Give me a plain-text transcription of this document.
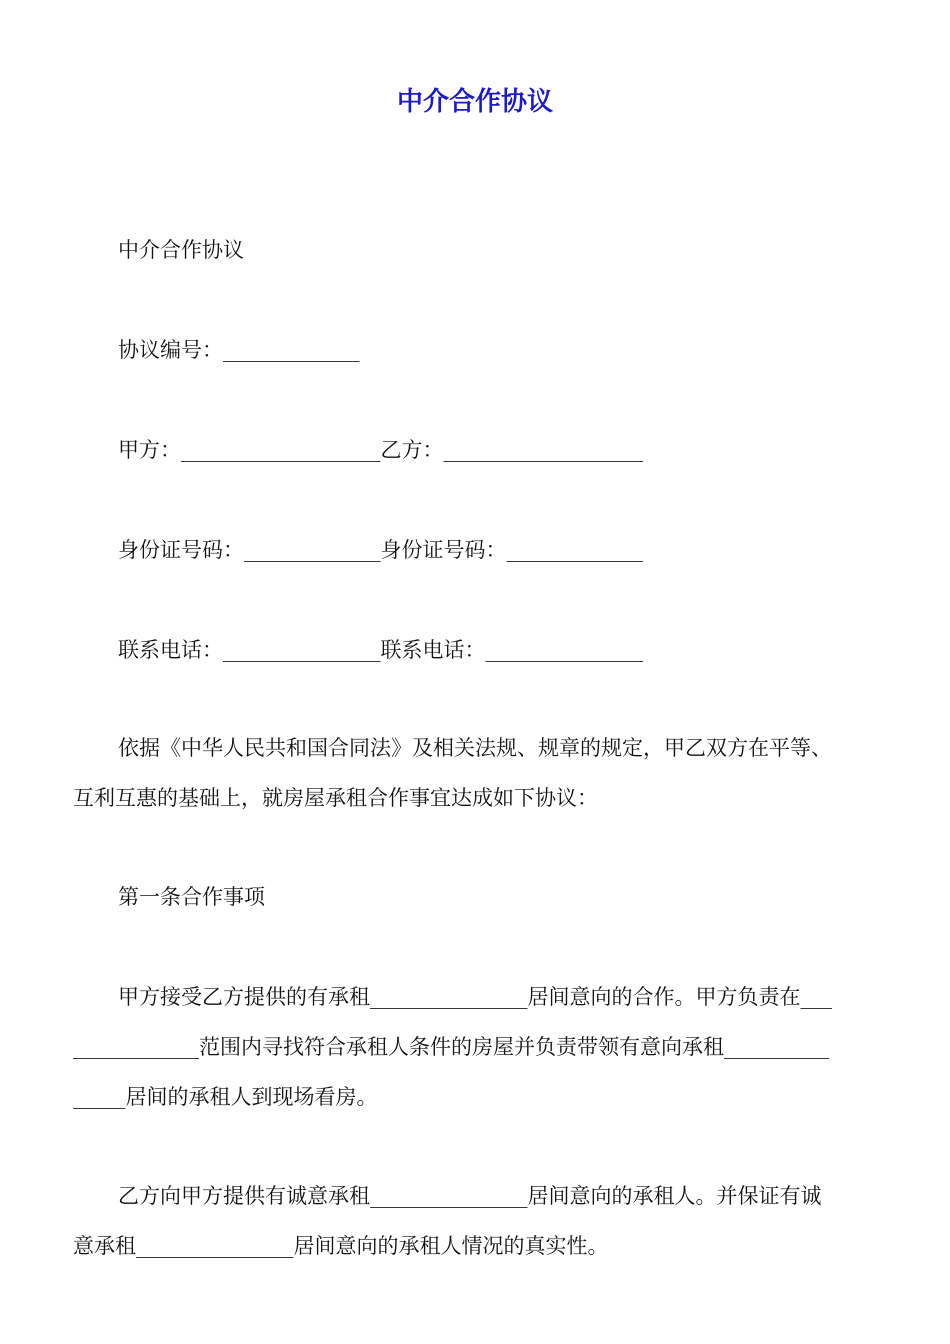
中介合作协议

中介合作协议

协议编号：_____________

甲方：___________________乙方：___________________

身份证号码：_____________身份证号码：_____________

联系电话：_______________联系电话：_______________

依据《中华人民共和国合同法》及相关法规、规章的规定，甲乙双方在平等、
互利互惠的基础上，就房屋承租合作事宜达成如下协议：

第一条合作事项

甲方接受乙方提供的有承租_______________居间意向的合作。甲方负责在___
____________范围内寻找符合承租人条件的房屋并负责带领有意向承租__________
_____居间的承租人到现场看房。
乙方向甲方提供有诚意承租_______________居间意向的承租人。并保证有诚
意承租_______________居间意向的承租人情况的真实性。
